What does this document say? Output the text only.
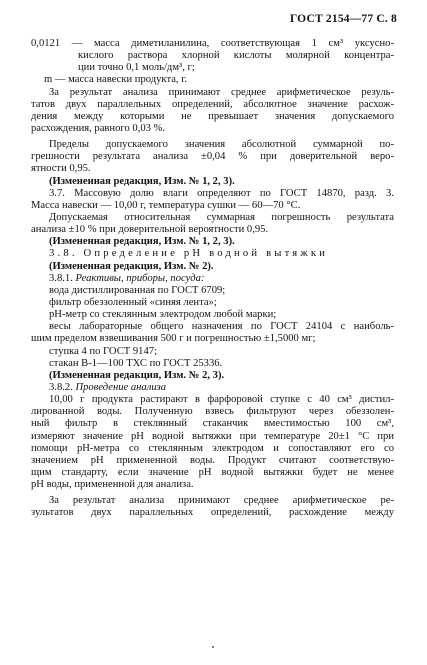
ГОСТ 2154—77 С. 8
0,0121 — масса диметиланилина, соответствующая 1 см³ уксусно-
кислого раствора хлорной кислоты молярной концентра-
ции точно 0,1 моль/дм³, г;
m — масса навески продукта, г.
За результат анализа принимают среднее арифметическое резуль-
татов двух параллельных определений, абсолютное значение расхож-
дения между которыми не превышает значения допускаемого
расхождения, равного 0,03 %.
Пределы допускаемого значения абсолютной суммарной по-
грешности результата анализа ±0,04 % при доверительной веро-
ятности 0,95.
(Измененная редакция, Изм. № 1, 2, 3).
3.7. Массовую долю влаги определяют по ГОСТ 14870, разд. 3.
Масса навески — 10,00 г, температура сушки — 60—70 °С.
Допускаемая относительная суммарная погрешность результата
анализа ±10 % при доверительной вероятности 0,95.
(Измененная редакция, Изм. № 1, 2, 3).
3.8. Определение pH водной вытяжки
(Измененная редакция, Изм. № 2).
3.8.1. Реактивы, приборы, посуда:
вода дистиллированная по ГОСТ 6709;
фильтр обеззоленный «синяя лента»;
pH-метр со стеклянным электродом любой марки;
весы лабораторные общего назначения по ГОСТ 24104 с наиболь-
шим пределом взвешивания 500 г и погрешностью ±1,5000 мг;
ступка 4 по ГОСТ 9147;
стакан В-1—100 ТХС по ГОСТ 25336.
(Измененная редакция, Изм. № 2, 3).
3.8.2. Проведение анализа
10,00 г продукта растирают в фарфоровой ступке с 40 см³ дистил-
лированной воды. Полученную взвесь фильтруют через обеззолен-
ный фильтр в стеклянный стаканчик вместимостью 100 см³,
измеряют значение pH водной вытяжки при температуре 20±1 °С при
помощи pH-метра со стеклянным электродом и сопоставляют его со
значением pH примененной воды. Продукт считают соответствую-
щим стандарту, если значение pH водной вытяжки будет не менее
pH воды, примененной для анализа.
За результат анализа принимают среднее арифметическое ре-
зультатов двух параллельных определений, расхождение между
